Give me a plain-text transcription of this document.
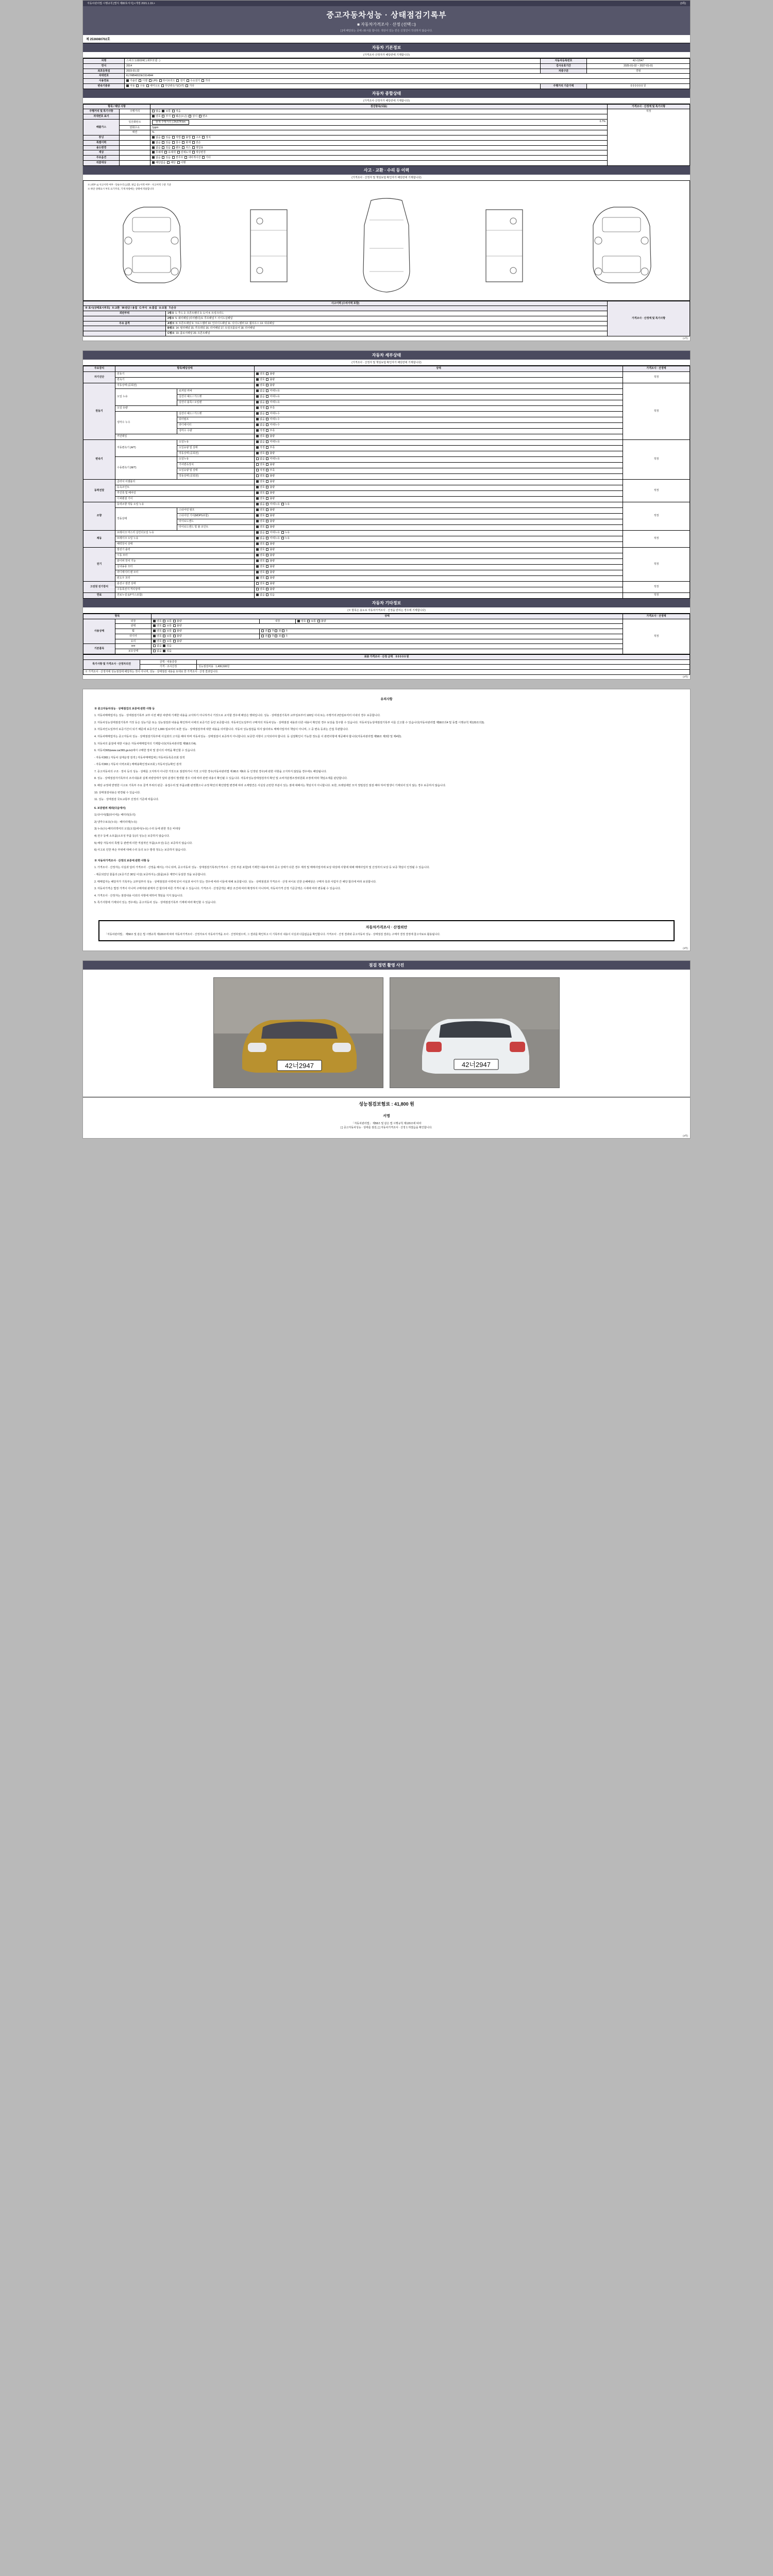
자동차관리법 시행규칙 [별지 제82호서식] <개정 2021.1.19.>	(3쪽)
중고자동차성능 · 상태점검기록부
■ 자동차가격조사 · 산정 (선택 □)
[ ]에 해당되는 곳에 √표시를 합니다. 색상이 있는 칸은 신청인이 작성하지 않습니다.
제 2536080702호
자동차 기본정보
(가격조사·산정자가 해당란에 기재합니다)
차명	스파크 1.0DOHC (세부모델 : )	자동차등록번호	42너2947
연식	2014	검사유효기간	2025-01-02 ~ 2027-01-01
최초등록일	2015-01-22	차종구분	경형
차대번호	KLYMB481DEC614844		
사용연료	가솔린 디젤 LPG 하이브리드 전기 수소전기 기타		
변속기종류	자동 수동 세미오토 무단변속기(CVT) 기타	주행거리 기준가액	0 0 0 0 0 0 원
자동차 종합상태
(가격조사·산정자가 해당란에 기재합니다)
항목 / 해당 사항		점검항목(내용)	가격조사 · 산정액 및 특기사항
주행거리 및 특기사항	주행거리	많음 보통 적음	적정

차대번호 표기		양호 부식 훼손(오손) 상이 변조	
배출가스	일산화탄소	현재 주행거리 | 24,674 km 0.7%	

	탄화수소	1ppm	
	매연	%	
튜닝		없음 있음 적법 불법 구조 장치	
특별이력		없음 있음 침수 화재 전손	
용도변경		없음 있음 렌트 리스 영업용	
색상		무채색 유채색 전체도색 색상변경	
주요옵션		없음 있음 썬루프 내비게이션 기타	
리콜대상		해당없음 해당 이행	
사고 · 교환 · 수리 등 이력
(가격조사 · 산정자 및 책임보험 확인자가 해당란에 기재합니다)
※ (세부 1) 사고이력 여부 - 단순수리 (교환, 판금 등) 이력 여부 - 사고이력 구분 기준
※ 하단 상태표시 부호 표기주의, 기재 차량에는 상태에 적용합니다
사고이력 (수리이력 포함)		가격조사 · 산정액 및 특기사항
※ 표시(상태표시부호) X:교환 W:판금 / 용접 C:부식 A:흠집 U:요철 T:손상		
외판부위	1랭크 1. 후드 2. 프론트휀더 3. 도어 4. 트렁크리드	
	2랭크 5. 쿼터패널 (리어휀더) 6. 루프패널 7. 사이드실패널	
주요 골격	A랭크 8. 프론트패널 9. 크로스멤버 10. 인사이드패널 11. 사이드멤버 12. 휠하우스 13. 대쉬패널	
	B랭크 14. 필러패널 15. 루프레일 16. 리어패널 17. 트렁크플로어 18. 리어패널	
	C랭크 19. 플로어패널 20. 프론트패널	
(1쪽)
자동차 세부상태
(가격조사 · 산정자 및 책임보험 확인자가 해당란에 기재합니다)
주요장치	항목/해당상태		상태	가격조사 · 산정액
자기진단	원동기		양호 불량	적정
	변속기		양호 불량	
원동기	작동상태 (공회전)		양호 불량	적정
	오일 누유	로커암 커버	없음 미세누유	
		실린더 헤드 / 가스켓	없음 미세누유	
		실린더 블록 / 오일팬	없음 미세누유	
	오일 유량		적정 부족	
	냉각수 누수	실린더 헤드 / 가스켓	없음 미세누수	
		워터펌프	없음 미세누수	
		라디에이터	없음 미세누수	
		냉각수 수량	적정 부족	
	커먼레일		양호 불량	
변속기	자동변속기 (A/T)	오일누유	없음 미세누유	적정
		오일유량 및 상태	적정 부족	
		작동상태 (공회전)	양호 불량	
	수동변속기 (M/T)	오일누유	없음 미세누유	
		기어변속장치	양호 불량	
		오일유량 및 상태	적정 부족	
		작동상태 (공회전)	양호 불량	
동력전달	클러치 어셈블리		양호 불량	적정
	등속조인트		양호 불량	
	추진축 및 베어링		양호 불량	
	디퍼렌셜 기어		양호 불량	
조향	동력조향 작동 오일 누유		없음 미세누유 누유	적정
	작동상태	스티어링 펌프	양호 불량	
		스티어링 기어(MDPS포함)	양호 불량	
		타이로드엔드	양호 불량	
		타이로드엔드 및 볼 조인트	양호 불량	
제동	브레이크 마스터 실린더오일 누유		없음 미세누유 누유	적정
	브레이크 오일 누유		없음 미세누유 누유	
	배력장치 상태		양호 불량	
전기	발전기 출력		양호 불량	적정
	시동 모터		양호 불량	
	와이퍼 장치 기능		양호 불량	
	실내송풍 모터		양호 불량	
	라디에이터 팬 모터		양호 불량	
	윈도우 모터		양호 불량	
고전원 전기장치	충전구 절연 상태		양호 불량	적정
	구동축전지 격리상태		양호 불량	
연료	연료누설 (LP가스포함)		없음 있음	적정
자동차 기타정보
(※ 항목은 용도로 자동차가격조사 · 산정을 받하는 경우에 기재합니다)
항목		상태			가격조사 · 산정액
사용상태	외장	양호 보통 불량	내장	양호 보통 불량	적정
	광택	양호 보통 불량			
	휠	양호 보통 불량	전 후 좌 우		
	타이어	양호 보통 불량	전 후 좌 우		
	유리	양호 보통 불량			
기본품목	see	없음 있음			
	보유상태	없음 있음			
최종 가격조사 · 산정 금액 0 0 0 0 0 원		
특기사항 및 가격조사 · 산정자의견	금액 · 내용증감	
	가격 · 조사산정	성능점검비용 1,406,500원
※ 가격조사 · 산정자에 성능점검에 해당하는 것이 아니며, 성능 · 상태점검 내용을 토대로 한 가격조사 · 산정 결과입니다.		
(2쪽)
유의사항

※ 중고자동차성능 · 상태점검의 보증에 관한 사항 등

1. 자동차매매업자는 성능 · 상태점검기록부 교부 이전 해당 차량에 기재한 내용을 교지하기 아니하거나 거짓으로 교지할 경우에 해당은 행위입니다. 성능 · 상태점검기록부 교부일로부터 120일 이내 또는 주행거리 2만킬로미터 이내의 경우 보증합니다.

2. 자동차성능상태점검기록부 거짓 등은 성능기준 또는 성능점검과 내용을 확인하여 이에의 보증기간 동안 보증합니다. 자동차인도일부터 구매자의 자동차성능 · 상태점검 내용과 다른 내용이 확인된 경우 보상을 청구할 수 있습니다. 자동차성능상태점검기록부 이를 신고할 수 있습니다(자동차관리법 제58조의4 및 동법 시행규칙 제120조의3).

3. 자동차인도일부터 보증기간이 되기 때문에 보증기간 1,000 킬로미터 또한 성능 · 상태점검자에 대한 내용을 의미합니다. 자동차 성능점검을 하지 않더라도 매매사업자의 책임이 아니며, 그 중 변속 등과는 간접 무관합니다.

4. 자동차매매업자는 중고자동차 성능 · 상태점검기록부에 사실과의 고지를 해야 하며 자동차성능 · 상태점검이 보증하지 아니합니다. 보증한 사항이 고지되어야 합니다. 등 실질확인이 가능한 정도를 이 관련사항에 제공해야 합니다(자동차관리법 제58조 제3항 및 제4항).

5. 자동차의 품질에 대한 이용은 자동차매매업자의 기재합니다(자동차관리법 제58조의4).

6. 자동차365(www.car365.go.kr)에서 구매한 장차 및 갈이의 여력을 확인할 수 있습니다.

- 자동차365 ) 자동차 실태운영 검색 ) 자동차매매업체 ) 자동차등록증조회 검색

- 자동차365 ) 자동차 이력조회 ) 매매용확인정보조회 ) 자동차성능확인 검색

7. 중고자동차의 구조 · 장치 등의 성능 · 상태를 고지하지 아니한 거짓으로 점검하거나 거짓 고지한 경우(자동차관리법 제 80조 제6호 등 인정된 경우)에 관한 사항을 고지하지 않았을 경우에도 해당됩니다.

8. 성능 · 상태점검자기록부의 조사내용과 실제 차량상태가 달라 분쟁이 발생할 경우 이에 따라 관련 내용이 확인될 수 있습니다. 자동차성능상태점검자의 확인 및 소비자분쟁조정위원회 조정에 따라 책임소재를 판단합니다.

9. 해당 규정에 반영한 시고로 기록부 주요 골격 부위의 판금 · 용접수리 및 부품교환 판정했으나 규정 확인의 확인방법 변경에 따라 소재발견은 사실상 곤란한 부분이 있는 점에 대해서는 책임지지 아니합니다. 또한, 프레임에만 모자 정밀검진 점검 해야 하여 발생이 기재되어 있지 않는 경우 보증하지 않습니다.

10. 상태점검내용은 변경될 수 있습니다.

11. 성능 · 상태점검 국토교통부 선정의 기준에 따릅니다.

6. 보증범위 제외(다음에서)

1) 타이어(휠(타이어))· 배터리(등의)

2) 냉각수보유(누유) · 배터리액(누유)

3) 누유(수)·배터리액여의 오일(오일)에서(누유) 수리 등에 관한 것은 비대상

4) 전구 등에 소모품(소모성 부품 등)의 성능은 보증하지 않습니다.

5) 해당 자동차의 특별 등 관련에 의한 직접적인 부품(소모성) 등은 보증하지 않습니다.

6) 사고로 인한 파손 부위에 대해 수리 등의 보수 발생 정도는 보증하지 않습니다.

※ 자동차가격조사 · 산정의 보증에 관한 사항 등

1. 가격조사 · 산정자는 사실과 달리 가격조사 · 산정을 해서는 아니 되며, 중고자동차 성능 · 상태점검기록부(가격조사 · 산정 부분 포함)에 기재한 내용에 따라 중고 상태가 다른 경우 제작 및 매매사업자에 보상 대상에 사항에 대해 매매사업자 및 산정자의 보상 등 보증 책임이 인정될 수 있습니다.

- 제공되었던 물품의 (보증기간 30일 이상) 보증하지는 (물품)보증 계약이 동일한 것을 보증합니다.

2. 매매업자는 해당자가 기록부는 교부일부터 성능 · 상태점검과 이력에 있어 사실과 차이가 있는 경우에 따라 이들에 대해 보증합니다. 성능 · 상태점검과 가격조사 · 산정 차이로 인한 손해배상은 구매자 측과 사업자 간 해당 합의에 따라 보상합니다.

3. 자동차가격은 법정 가격이 아니며 구매자와 판매자 간 합의에 따른 가격이 될 수 있습니다. 가격조사 · 산정금액은 해당 조건에 따라 확정하지 아니하며, 자동차가격 산정 기준금액은 시세에 따라 변동될 수 있습니다.

4. 가격조사 · 산정자는 점검내용 이외의 사항에 대하여 책임을 지지 않습니다.

5. 특기사항에 기재되어 있는 경우에는 중고자동차 성능 · 상태점검기록부 기재에 따라 확인할 수 있습니다.

자동차가격조사 · 산정의안
「자동차관리법」 제58조 및 같은 법 시행규칙 제120조에 따라 자동차가격조사 · 산정자로서 자동차가격을 조사 · 산정하였으며, 그 결과를 확인하고 이 기록부의 내용이 사실과 다름없음을 확인합니다. 가격조사 · 산정 결과와 중고자동차 성능 · 상태점검 결과는 구매자 결정 결정에 참고자료로 활용됩니다.
(3쪽)
점검 정면 촬영 사진
42너2947
	42너2947
성능점검보험료 : 41,800 원
서명
「자동차관리법」 제58조 및 같은 법 시행규칙 제120조에 따라
[ ] 중고자동차성능 · 상태를 점검, [ ] 자동차가격조사 · 산정 1 하였음을 확인합니다.
(4쪽)
